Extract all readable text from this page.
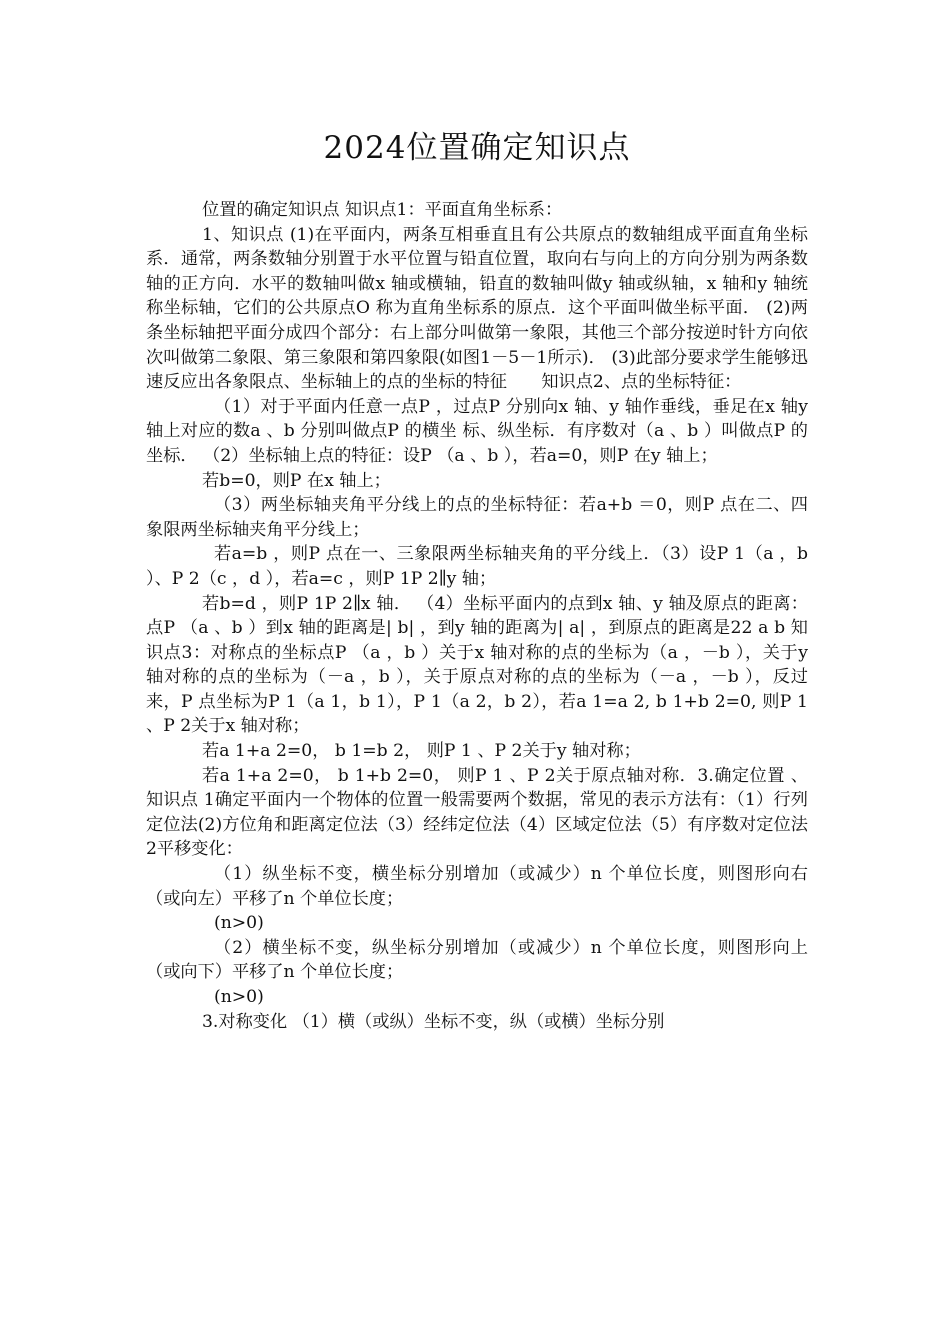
2024位置确定知识点

位置的确定知识点 知识点1：平面直角坐标系：

1、知识点 (1)在平面内，两条互相垂直且有公共原点的数轴组成平面直角坐标系．通常，两条数轴分别置于水平位置与铅直位置，取向右与向上的方向分别为两条数轴的正方向．水平的数轴叫做x 轴或横轴，铅直的数轴叫做y 轴或纵轴，x 轴和y 轴统称坐标轴，它们的公共原点O 称为直角坐标系的原点．这个平面叫做坐标平面． (2)两条坐标轴把平面分成四个部分：右上部分叫做第一象限，其他三个部分按逆时针方向依次叫做第二象限、第三象限和第四象限(如图1－5－1所示)． (3)此部分要求学生能够迅速反应出各象限点、坐标轴上的点的坐标的特征　　知识点2、点的坐标特征：

（1）对于平面内任意一点P ，过点P 分别向x 轴、y 轴作垂线，垂足在x 轴y 轴上对应的数a 、b 分别叫做点P 的横坐 标、纵坐标．有序数对（a 、b ）叫做点P 的坐标． （2）坐标轴上点的特征：设P （a 、b ），若a=0，则P 在y 轴上；

若b=0，则P 在x 轴上；

（3）两坐标轴夹角平分线上的点的坐标特征：若a+b ＝0，则P 点在二、四象限两坐标轴夹角平分线上；

若a=b ，则P 点在一、三象限两坐标轴夹角的平分线上．（3）设P 1（a ，b ）、P 2（c ，d ），若a=c ，则P 1P 2∥y 轴；

若b=d ，则P 1P 2∥x 轴． （4）坐标平面内的点到x 轴、y 轴及原点的距离：点P （a 、b ）到x 轴的距离是| b| ，到y 轴的距离为| a| ，到原点的距离是22 a b 知识点3：对称点的坐标点P （a ，b ）关于x 轴对称的点的坐标为（a ，－b ），关于y 轴对称的点的坐标为（－a ，b ），关于原点对称的点的坐标为（－a ，－b ），反过来，P 点坐标为P 1（a 1，b 1），P 1（a 2，b 2），若a 1=a 2, b 1+b 2=0, 则P 1 、P 2关于x 轴对称；

若a 1+a 2=0， b 1=b 2， 则P 1 、P 2关于y 轴对称；

若a 1+a 2=0， b 1+b 2=0， 则P 1 、P 2关于原点轴对称．3.确定位置 、知识点 1确定平面内一个物体的位置一般需要两个数据，常见的表示方法有：（1）行列定位法(2)方位角和距离定位法（3）经纬定位法（4）区域定位法（5）有序数对定位法 2平移变化：

（1）纵坐标不变，横坐标分别增加（或减少）n 个单位长度，则图形向右（或向左）平移了n 个单位长度；

(n>0)

（2）横坐标不变，纵坐标分别增加（或减少）n 个单位长度，则图形向上（或向下）平移了n 个单位长度；

(n>0)

3.对称变化 （1）横（或纵）坐标不变，纵（或横）坐标分别
